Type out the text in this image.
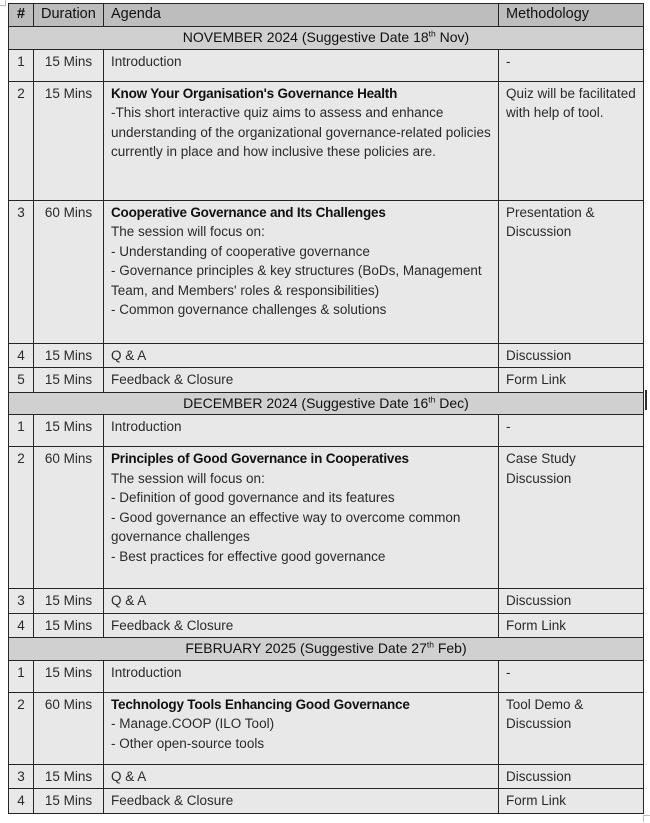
#	Duration	Agenda	Methodology
NOVEMBER 2024 (Suggestive Date 18th Nov)			
1	15 Mins	Introduction	-
2	15 Mins	Know Your Organisation's Governance Health
-This short interactive quiz aims to assess and enhance understanding of the organizational governance-related policies currently in place and how inclusive these policies are.	Quiz will be facilitated with help of tool.
3	60 Mins	Cooperative Governance and Its Challenges
The session will focus on:
- Understanding of cooperative governance
- Governance principles & key structures (BoDs, Management Team, and Members' roles & responsibilities)
- Common governance challenges & solutions	Presentation & Discussion
4	15 Mins	Q & A	Discussion
5	15 Mins	Feedback & Closure	Form Link
DECEMBER 2024 (Suggestive Date 16th Dec)			
1	15 Mins	Introduction	-
2	60 Mins	Principles of Good Governance in Cooperatives
The session will focus on:
- Definition of good governance and its features
- Good governance an effective way to overcome common governance challenges
- Best practices for effective good governance	Case Study Discussion
3	15 Mins	Q & A	Discussion
4	15 Mins	Feedback & Closure	Form Link
FEBRUARY 2025 (Suggestive Date 27th Feb)			
1	15 Mins	Introduction	-
2	60 Mins	Technology Tools Enhancing Good Governance
- Manage.COOP (ILO Tool)
- Other open-source tools	Tool Demo & Discussion
3	15 Mins	Q & A	Discussion
4	15 Mins	Feedback & Closure	Form Link
